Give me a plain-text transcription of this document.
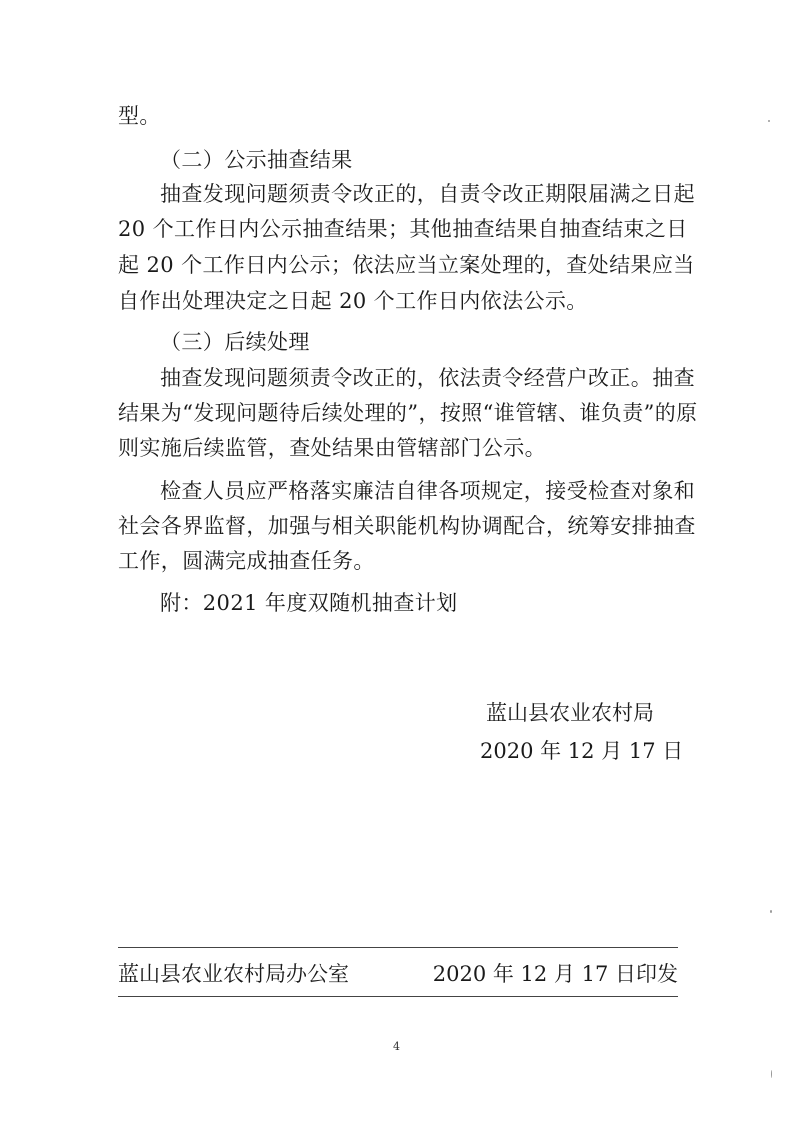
型。
（二）公示抽查结果
抽查发现问题须责令改正的，自责令改正期限届满之日起
20 个工作日内公示抽查结果；其他抽查结果自抽查结束之日
起 20 个工作日内公示；依法应当立案处理的，查处结果应当
自作出处理决定之日起 20 个工作日内依法公示。
（三）后续处理
抽查发现问题须责令改正的，依法责令经营户改正。抽查
结果为“发现问题待后续处理的”，按照“谁管辖、谁负责”的原
则实施后续监管，查处结果由管辖部门公示。
检查人员应严格落实廉洁自律各项规定，接受检查对象和
社会各界监督，加强与相关职能机构协调配合，统筹安排抽查
工作，圆满完成抽查任务。
附：2021 年度双随机抽查计划
蓝山县农业农村局
2020 年 12 月 17 日
蓝山县农业农村局办公室	2020 年 12 月 17 日印发
4
